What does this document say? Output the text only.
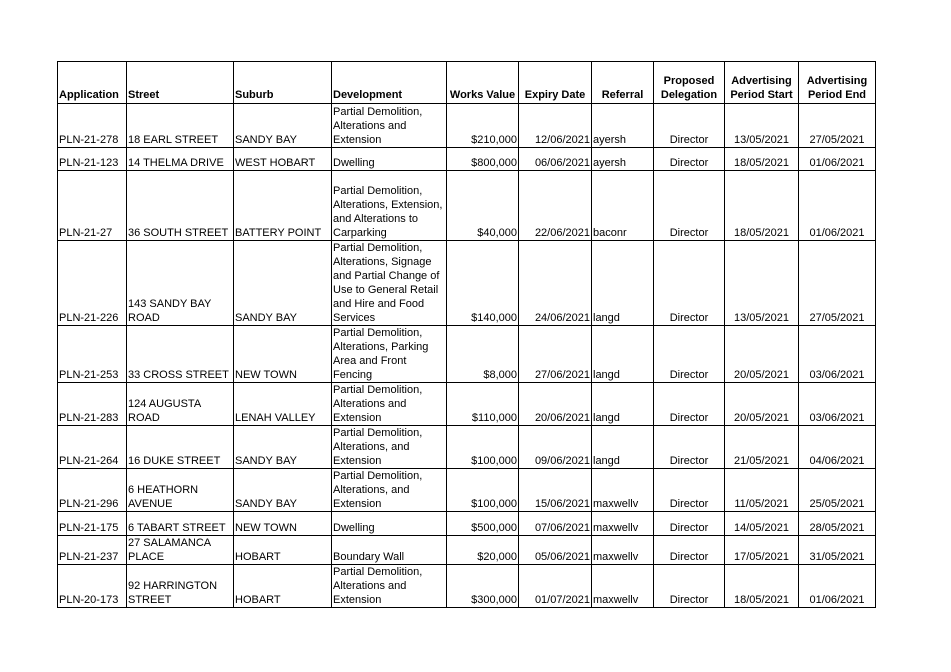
Application	Street	Suburb	Development	Works Value	Expiry Date	Referral	Proposed Delegation	Advertising Period Start	Advertising Period End
PLN-21-278	18 EARL STREET	SANDY BAY	Partial Demolition, Alterations and Extension	$210,000	12/06/2021	ayersh	Director	13/05/2021	27/05/2021
PLN-21-123	14 THELMA DRIVE	WEST HOBART	Dwelling	$800,000	06/06/2021	ayersh	Director	18/05/2021	01/06/2021
PLN-21-27	36 SOUTH STREET	BATTERY POINT	Partial Demolition, Alterations, Extension, and Alterations to Carparking	$40,000	22/06/2021	baconr	Director	18/05/2021	01/06/2021
PLN-21-226	143 SANDY BAY ROAD	SANDY BAY	Partial Demolition, Alterations, Signage and Partial Change of Use to General Retail and Hire and Food Services	$140,000	24/06/2021	langd	Director	13/05/2021	27/05/2021
PLN-21-253	33 CROSS STREET	NEW TOWN	Partial Demolition, Alterations, Parking Area and Front Fencing	$8,000	27/06/2021	langd	Director	20/05/2021	03/06/2021
PLN-21-283	124 AUGUSTA ROAD	LENAH VALLEY	Partial Demolition, Alterations and Extension	$110,000	20/06/2021	langd	Director	20/05/2021	03/06/2021
PLN-21-264	16 DUKE STREET	SANDY BAY	Partial Demolition, Alterations, and Extension	$100,000	09/06/2021	langd	Director	21/05/2021	04/06/2021
PLN-21-296	6 HEATHORN AVENUE	SANDY BAY	Partial Demolition, Alterations, and Extension	$100,000	15/06/2021	maxwellv	Director	11/05/2021	25/05/2021
PLN-21-175	6 TABART STREET	NEW TOWN	Dwelling	$500,000	07/06/2021	maxwellv	Director	14/05/2021	28/05/2021
PLN-21-237	27 SALAMANCA PLACE	HOBART	Boundary Wall	$20,000	05/06/2021	maxwellv	Director	17/05/2021	31/05/2021
PLN-20-173	92 HARRINGTON STREET	HOBART	Partial Demolition, Alterations and Extension	$300,000	01/07/2021	maxwellv	Director	18/05/2021	01/06/2021
